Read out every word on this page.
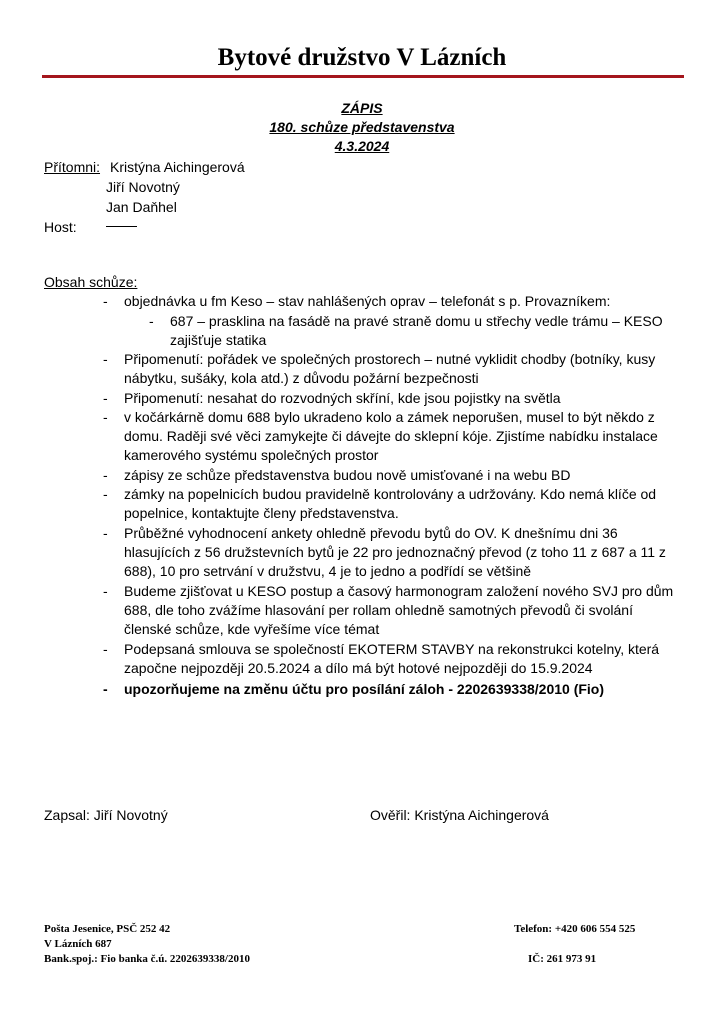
Bytové družstvo V Lázních
ZÁPIS
180. schůze představenstva
4.3.2024
Přítomni: Kristýna Aichingerová
Jiří Novotný
Jan Daňhel
Host:
Obsah schůze:
- objednávka u fm Keso – stav nahlášených oprav – telefonát s p. Provazníkem:
- 687 – prasklina na fasádě na pravé straně domu u střechy vedle trámu – KESO zajišťuje statika
- Připomenutí: pořádek ve společných prostorech – nutné vyklidit chodby (botníky, kusy nábytku, sušáky, kola atd.) z důvodu požární bezpečnosti
- Připomenutí: nesahat do rozvodných skříní, kde jsou pojistky na světla
- v kočárkárně domu 688 bylo ukradeno kolo a zámek neporušen, musel to být někdo z domu. Raději své věci zamykejte či dávejte do sklepní kóje. Zjistíme nabídku instalace kamerového systému společných prostor
- zápisy ze schůze představenstva budou nově umisťované i na webu BD
- zámky na popelnicích budou pravidelně kontrolovány a udržovány. Kdo nemá klíče od popelnice, kontaktujte členy představenstva.
- Průběžné vyhodnocení ankety ohledně převodu bytů do OV. K dnešnímu dni 36 hlasujících z 56 družstevních bytů je 22 pro jednoznačný převod (z toho 11 z 687 a 11 z 688), 10 pro setrvání v družstvu, 4 je to jedno a podřídí se většině
- Budeme zjišťovat u KESO postup a časový harmonogram založení nového SVJ pro dům 688, dle toho zvážíme hlasování per rollam ohledně samotných převodů či svolání členské schůze, kde vyřešíme více témat
- Podepsaná smlouva se společností EKOTERM STAVBY na rekonstrukci kotelny, která započne nejpozději 20.5.2024 a dílo má být hotové nejpozději do 15.9.2024
- upozorňujeme na změnu účtu pro posílání záloh - 2202639338/2010 (Fio)
Zapsal: Jiří Novotný	Ověřil: Kristýna Aichingerová
Pošta Jesenice, PSČ 252 42
V Lázních 687
Bank.spoj.: Fio banka č.ú. 2202639338/2010
Telefon: +420 606 554 525
IČ: 261 973 91
